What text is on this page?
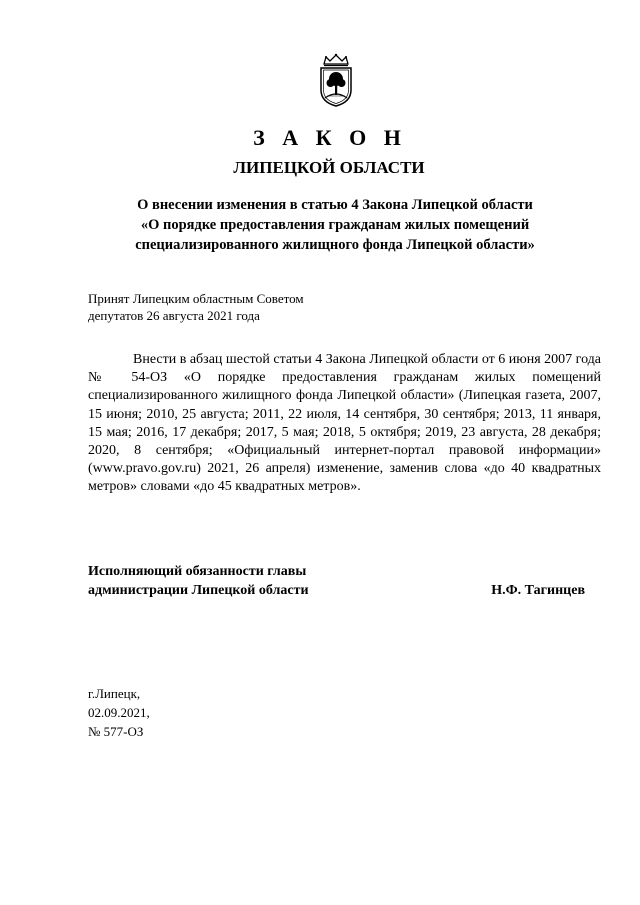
З А К О Н
ЛИПЕЦКОЙ ОБЛАСТИ
О внесении изменения в статью 4 Закона Липецкой области
«О порядке предоставления гражданам жилых помещений
специализированного жилищного фонда Липецкой области»
Принят Липецким областным Советом
депутатов 26 августа 2021 года

Внести в абзац шестой статьи 4 Закона Липецкой области от 6 июня 2007 года № 54-ОЗ «О порядке предоставления гражданам жилых помещений специализированного жилищного фонда Липецкой области» (Липецкая газета, 2007, 15 июня; 2010, 25 августа; 2011, 22 июля, 14 сентября, 30 сентября; 2013, 11 января, 15 мая; 2016, 17 декабря; 2017, 5 мая; 2018, 5 октября; 2019, 23 августа, 28 декабря; 2020, 8 сентября; «Официальный интернет-портал правовой информации» (www.pravo.gov.ru) 2021, 26 апреля) изменение, заменив слова «до 40 квадратных метров» словами «до 45 квадратных метров».

Исполняющий обязанности главы
администрации Липецкой области	Н.Ф. Тагинцев
г.Липецк,
02.09.2021,
№ 577-ОЗ
